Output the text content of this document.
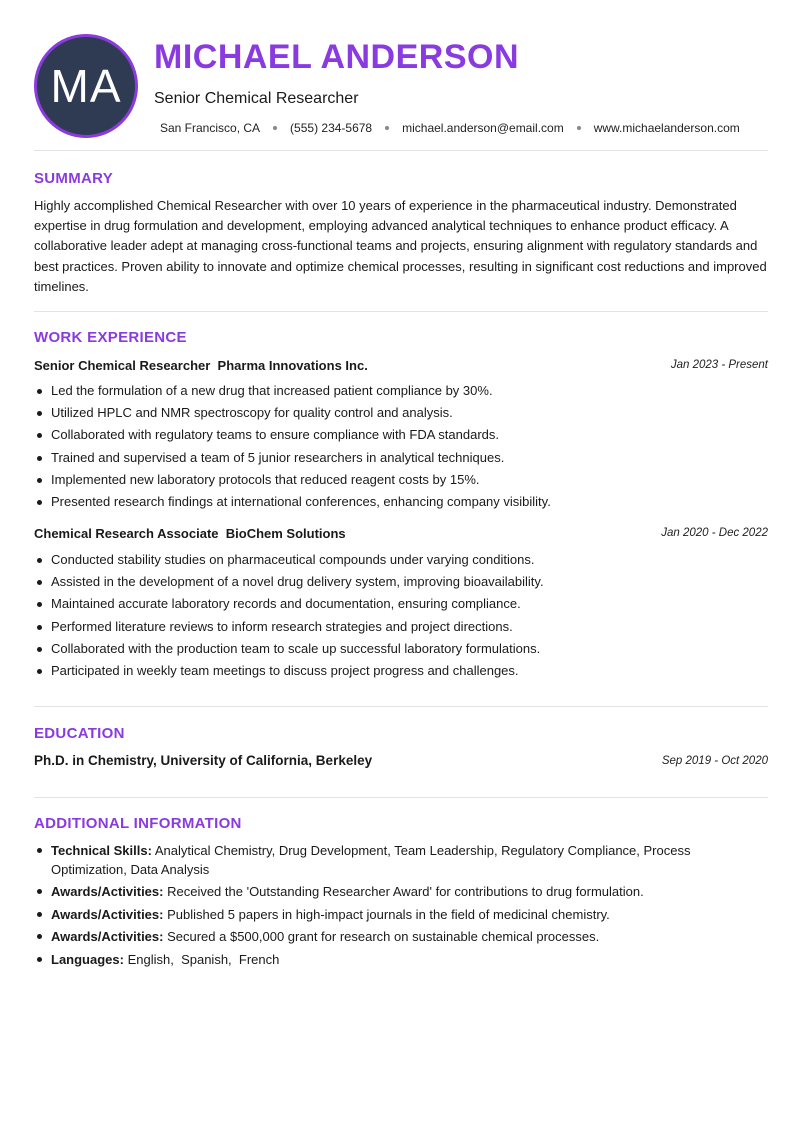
MA
MICHAEL ANDERSON
Senior Chemical Researcher
San Francisco, CA	(555) 234-5678	michael.anderson@email.com	www.michaelanderson.com
SUMMARY
Highly accomplished Chemical Researcher with over 10 years of experience in the pharmaceutical industry. Demonstrated expertise in drug formulation and development, employing advanced analytical techniques to enhance product efficacy. A collaborative leader adept at managing cross-functional teams and projects, ensuring alignment with regulatory standards and best practices. Proven ability to innovate and optimize chemical processes, resulting in significant cost reductions and improved timelines.
WORK EXPERIENCE
Senior Chemical Researcher Pharma Innovations Inc.	Jan 2023 - Present
Led the formulation of a new drug that increased patient compliance by 30%.
Utilized HPLC and NMR spectroscopy for quality control and analysis.
Collaborated with regulatory teams to ensure compliance with FDA standards.
Trained and supervised a team of 5 junior researchers in analytical techniques.
Implemented new laboratory protocols that reduced reagent costs by 15%.
Presented research findings at international conferences, enhancing company visibility.
Chemical Research Associate BioChem Solutions	Jan 2020 - Dec 2022
Conducted stability studies on pharmaceutical compounds under varying conditions.
Assisted in the development of a novel drug delivery system, improving bioavailability.
Maintained accurate laboratory records and documentation, ensuring compliance.
Performed literature reviews to inform research strategies and project directions.
Collaborated with the production team to scale up successful laboratory formulations.
Participated in weekly team meetings to discuss project progress and challenges.
EDUCATION
Ph.D. in Chemistry, University of California, Berkeley	Sep 2019 - Oct 2020
ADDITIONAL INFORMATION
Technical Skills: Analytical Chemistry, Drug Development, Team Leadership, Regulatory Compliance, Process Optimization, Data Analysis
Awards/Activities: Received the 'Outstanding Researcher Award' for contributions to drug formulation.
Awards/Activities: Published 5 papers in high-impact journals in the field of medicinal chemistry.
Awards/Activities: Secured a $500,000 grant for research on sustainable chemical processes.
Languages: English,  Spanish,  French
